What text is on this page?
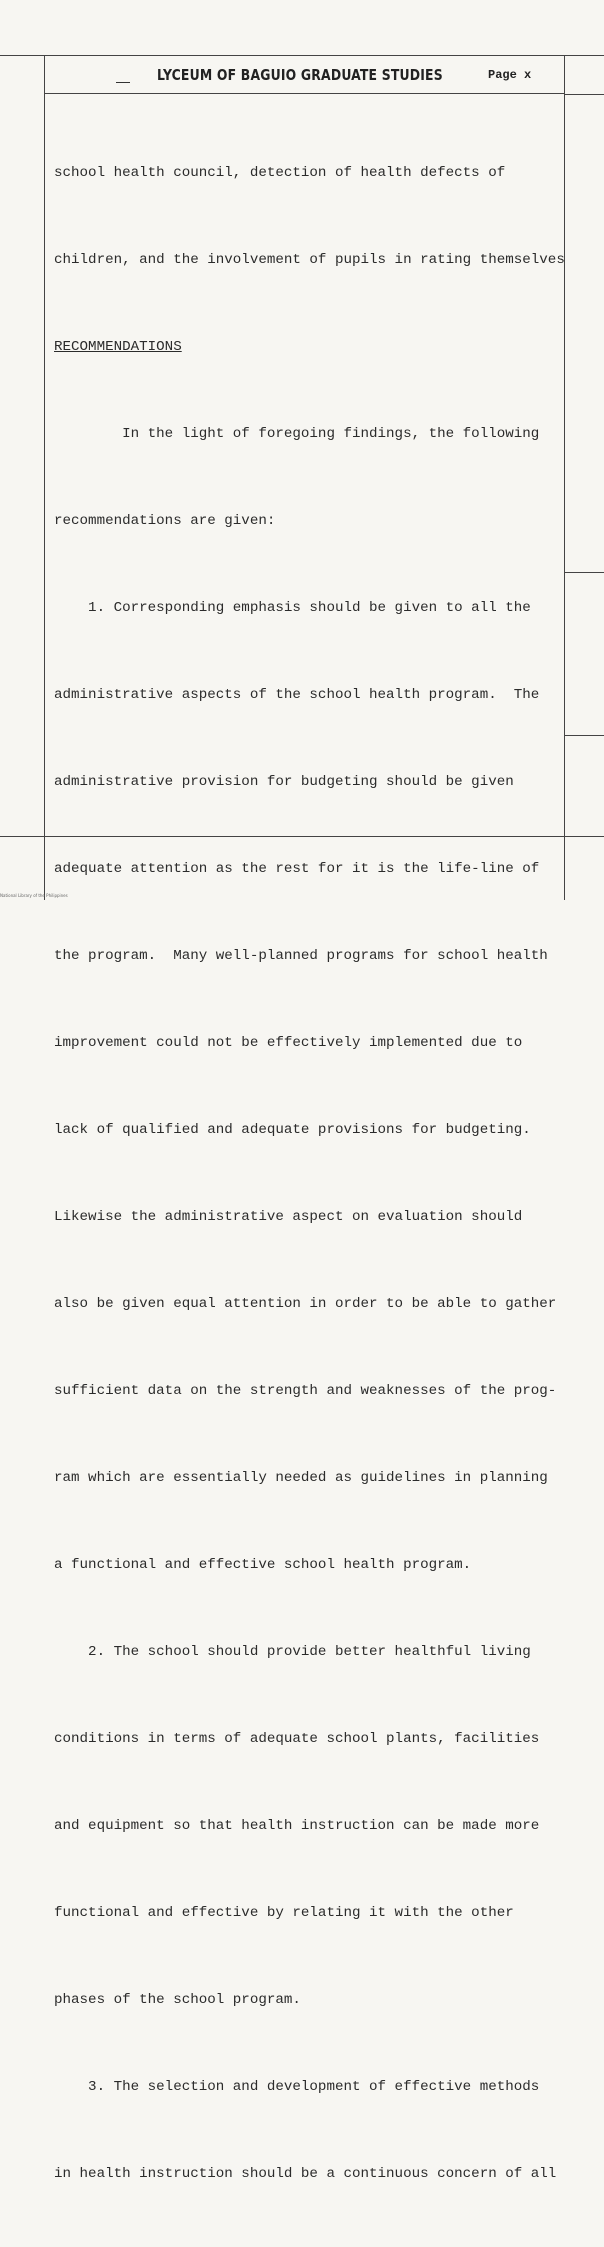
LYCEUM OF BAGUIO GRADUATE STUDIES	Page x

school health council, detection of health defects of

children, and the involvement of pupils in rating themselves

RECOMMENDATIONS

In the light of foregoing findings, the following

recommendations are given:

1. Corresponding emphasis should be given to all the

administrative aspects of the school health program.  The

administrative provision for budgeting should be given

adequate attention as the rest for it is the life-line of

the program.  Many well-planned programs for school health

improvement could not be effectively implemented due to

lack of qualified and adequate provisions for budgeting.

Likewise the administrative aspect on evaluation should

also be given equal attention in order to be able to gather

sufficient data on the strength and weaknesses of the prog-

ram which are essentially needed as guidelines in planning

a functional and effective school health program.

2. The school should provide better healthful living

conditions in terms of adequate school plants, facilities

and equipment so that health instruction can be made more

functional and effective by relating it with the other

phases of the school program.

3. The selection and development of effective methods

in health instruction should be a continuous concern of all

National Library of the Philippines
